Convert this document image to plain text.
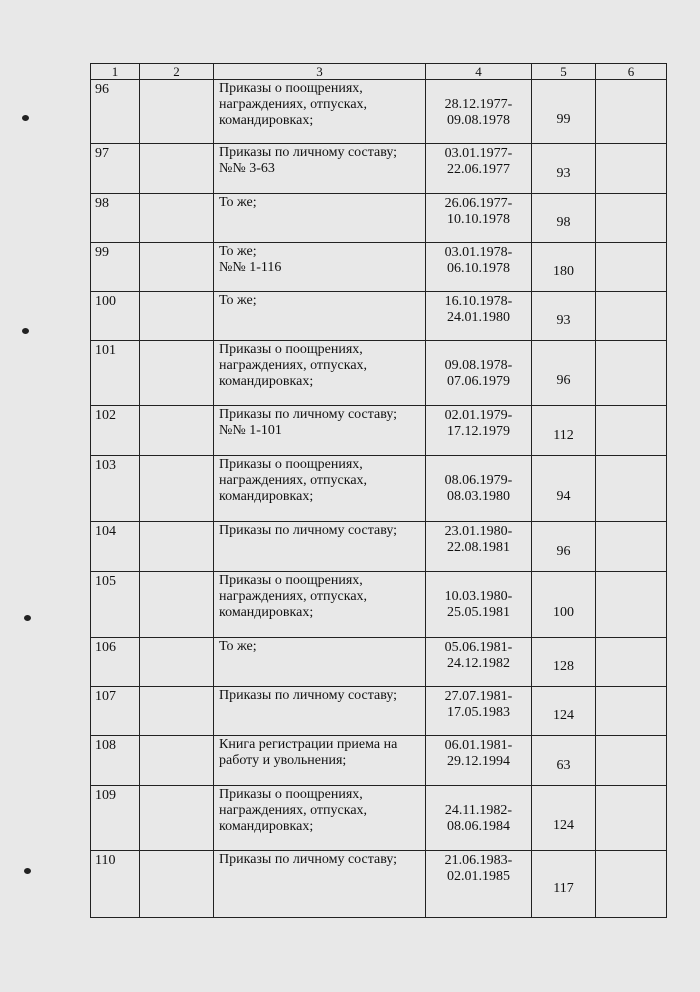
1	2	3	4	5	6
96		Приказы о поощрениях,
награждениях, отпусках,
командировках;	28.12.1977-
09.08.1978	99	

97		Приказы по личному составу;
№№ 3-63	03.01.1977-
22.06.1977	93	

98		То же;	26.06.1977-
10.10.1978	98	

99		То же;
№№ 1-116	03.01.1978-
06.10.1978	180	

100		То же;	16.10.1978-
24.01.1980	93	

101		Приказы о поощрениях,
награждениях, отпусках,
командировках;	09.08.1978-
07.06.1979	96	

102		Приказы по личному составу;
№№ 1-101	02.01.1979-
17.12.1979	112	

103		Приказы о поощрениях,
награждениях, отпусках,
командировках;	08.06.1979-
08.03.1980	94	

104		Приказы по личному составу;	23.01.1980-
22.08.1981	96	

105		Приказы о поощрениях,
награждениях, отпусках,
командировках;	10.03.1980-
25.05.1981	100	

106		То же;	05.06.1981-
24.12.1982	128	

107		Приказы по личному составу;	27.07.1981-
17.05.1983	124	

108		Книга регистрации приема на
работу и увольнения;	06.01.1981-
29.12.1994	63	

109		Приказы о поощрениях,
награждениях, отпусках,
командировках;	24.11.1982-
08.06.1984	124	

110		Приказы по личному составу;	21.06.1983-
02.01.1985	117	
